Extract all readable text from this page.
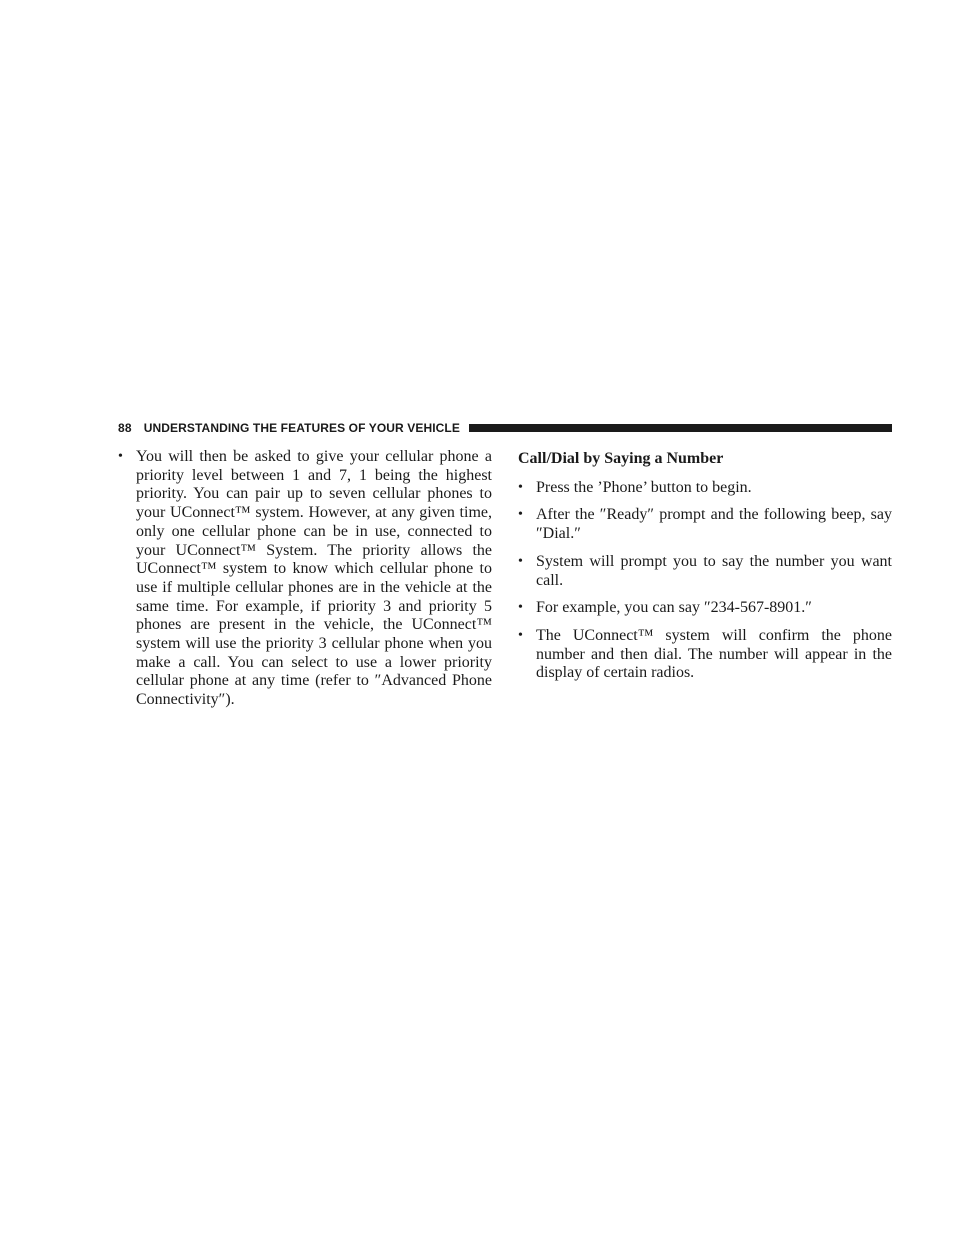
88 UNDERSTANDING THE FEATURES OF YOUR VEHICLE
• You will then be asked to give your cellular phone a priority level between 1 and 7, 1 being the highest priority. You can pair up to seven cellular phones to your UConnect™ system. However, at any given time, only one cellular phone can be in use, connected to your UConnect™ System. The priority allows the UConnect™ system to know which cellular phone to use if multiple cellular phones are in the vehicle at the same time. For example, if priority 3 and priority 5 phones are present in the vehicle, the UConnect™ system will use the priority 3 cellular phone when you make a call. You can select to use a lower priority cellular phone at any time (refer to ″Advanced Phone Connectivity″).
Call/Dial by Saying a Number
• Press the ’Phone’ button to begin.
• After the ″Ready″ prompt and the following beep, say ″Dial.″
• System will prompt you to say the number you want call.
• For example, you can say ″234-567-8901.″
• The UConnect™ system will confirm the phone number and then dial. The number will appear in the display of certain radios.
